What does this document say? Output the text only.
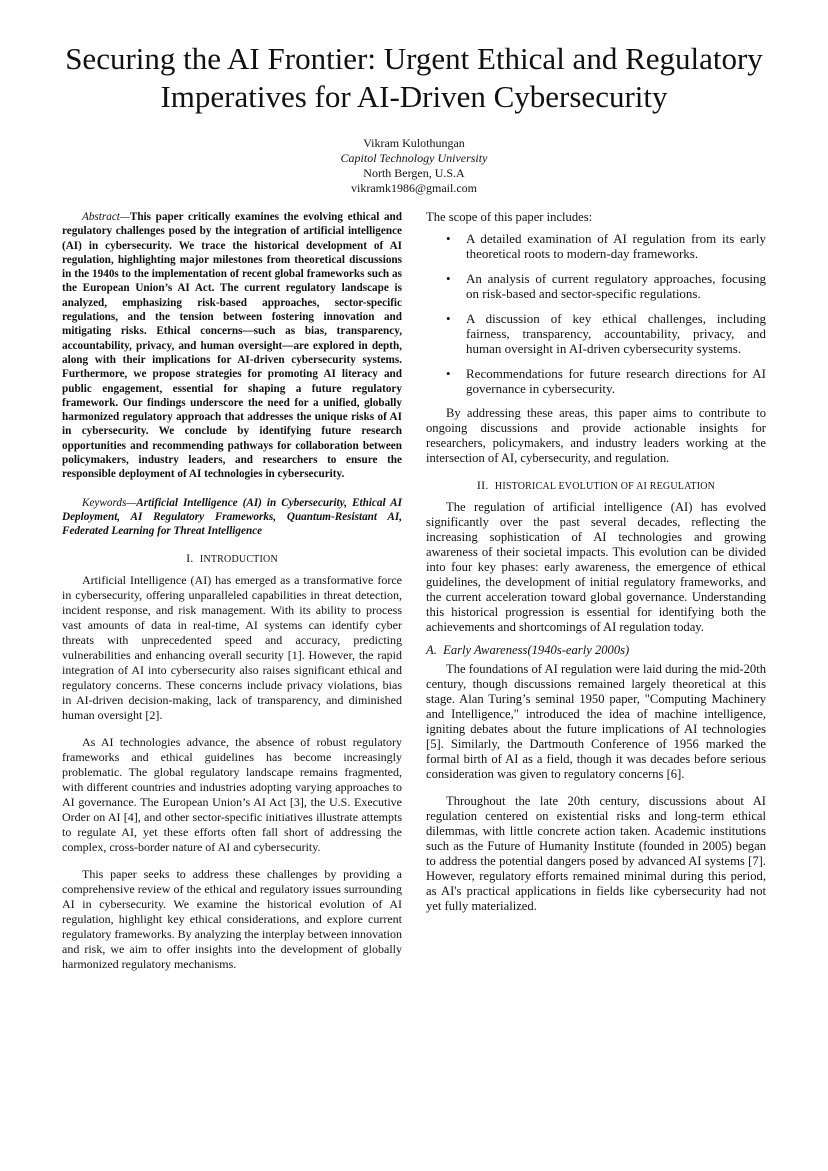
Securing the AI Frontier: Urgent Ethical and Regulatory Imperatives for AI-Driven Cybersecurity
Vikram Kulothungan
Capitol Technology University
North Bergen, U.S.A
vikramk1986@gmail.com

Abstract—This paper critically examines the evolving ethical and regulatory challenges posed by the integration of artificial intelligence (AI) in cybersecurity. We trace the historical development of AI regulation, highlighting major milestones from theoretical discussions in the 1940s to the implementation of recent global frameworks such as the European Union’s AI Act. The current regulatory landscape is analyzed, emphasizing risk-based approaches, sector-specific regulations, and the tension between fostering innovation and mitigating risks. Ethical concerns—such as bias, transparency, accountability, privacy, and human oversight—are explored in depth, along with their implications for AI-driven cybersecurity systems. Furthermore, we propose strategies for promoting AI literacy and public engagement, essential for shaping a future regulatory framework. Our findings underscore the need for a unified, globally harmonized regulatory approach that addresses the unique risks of AI in cybersecurity. We conclude by identifying future research opportunities and recommending pathways for collaboration between policymakers, industry leaders, and researchers to ensure the responsible deployment of AI technologies in cybersecurity.

Keywords—Artificial Intelligence (AI) in Cybersecurity, Ethical AI Deployment, AI Regulatory Frameworks, Quantum-Resistant AI, Federated Learning for Threat Intelligence

I. INTRODUCTION

Artificial Intelligence (AI) has emerged as a transformative force in cybersecurity, offering unparalleled capabilities in threat detection, incident response, and risk management. With its ability to process vast amounts of data in real-time, AI systems can identify cyber threats with unprecedented speed and accuracy, predicting vulnerabilities and enhancing overall security [1]. However, the rapid integration of AI into cybersecurity also raises significant ethical and regulatory concerns. These concerns include privacy violations, bias in AI-driven decision-making, lack of transparency, and diminished human oversight [2].

As AI technologies advance, the absence of robust regulatory frameworks and ethical guidelines has become increasingly problematic. The global regulatory landscape remains fragmented, with different countries and industries adopting varying approaches to AI governance. The European Union’s AI Act [3], the U.S. Executive Order on AI [4], and other sector-specific initiatives illustrate attempts to regulate AI, yet these efforts often fall short of addressing the complex, cross-border nature of AI and cybersecurity.

This paper seeks to address these challenges by providing a comprehensive review of the ethical and regulatory issues surrounding AI in cybersecurity. We examine the historical evolution of AI regulation, highlight key ethical considerations, and explore current regulatory frameworks. By analyzing the interplay between innovation and risk, we aim to offer insights into the development of globally harmonized regulatory mechanisms.

The scope of this paper includes:

• A detailed examination of AI regulation from its early theoretical roots to modern-day frameworks.
• An analysis of current regulatory approaches, focusing on risk-based and sector-specific regulations.
• A discussion of key ethical challenges, including fairness, transparency, accountability, privacy, and human oversight in AI-driven cybersecurity systems.
• Recommendations for future research directions for AI governance in cybersecurity.

By addressing these areas, this paper aims to contribute to ongoing discussions and provide actionable insights for researchers, policymakers, and industry leaders working at the intersection of AI, cybersecurity, and regulation.

II. HISTORICAL EVOLUTION OF AI REGULATION

The regulation of artificial intelligence (AI) has evolved significantly over the past several decades, reflecting the increasing sophistication of AI technologies and growing awareness of their societal impacts. This evolution can be divided into four key phases: early awareness, the emergence of ethical guidelines, the development of initial regulatory frameworks, and the current acceleration toward global governance. Understanding this historical progression is essential for identifying both the achievements and shortcomings of AI regulation today.

A. Early Awareness(1940s-early 2000s)

The foundations of AI regulation were laid during the mid-20th century, though discussions remained largely theoretical at this stage. Alan Turing’s seminal 1950 paper, "Computing Machinery and Intelligence," introduced the idea of machine intelligence, igniting debates about the future implications of AI technologies [5]. Similarly, the Dartmouth Conference of 1956 marked the formal birth of AI as a field, though it was decades before serious consideration was given to regulatory concerns [6].

Throughout the late 20th century, discussions about AI regulation centered on existential risks and long-term ethical dilemmas, with little concrete action taken. Academic institutions such as the Future of Humanity Institute (founded in 2005) began to address the potential dangers posed by advanced AI systems [7]. However, regulatory efforts remained minimal during this period, as AI's practical applications in fields like cybersecurity had not yet fully materialized.
